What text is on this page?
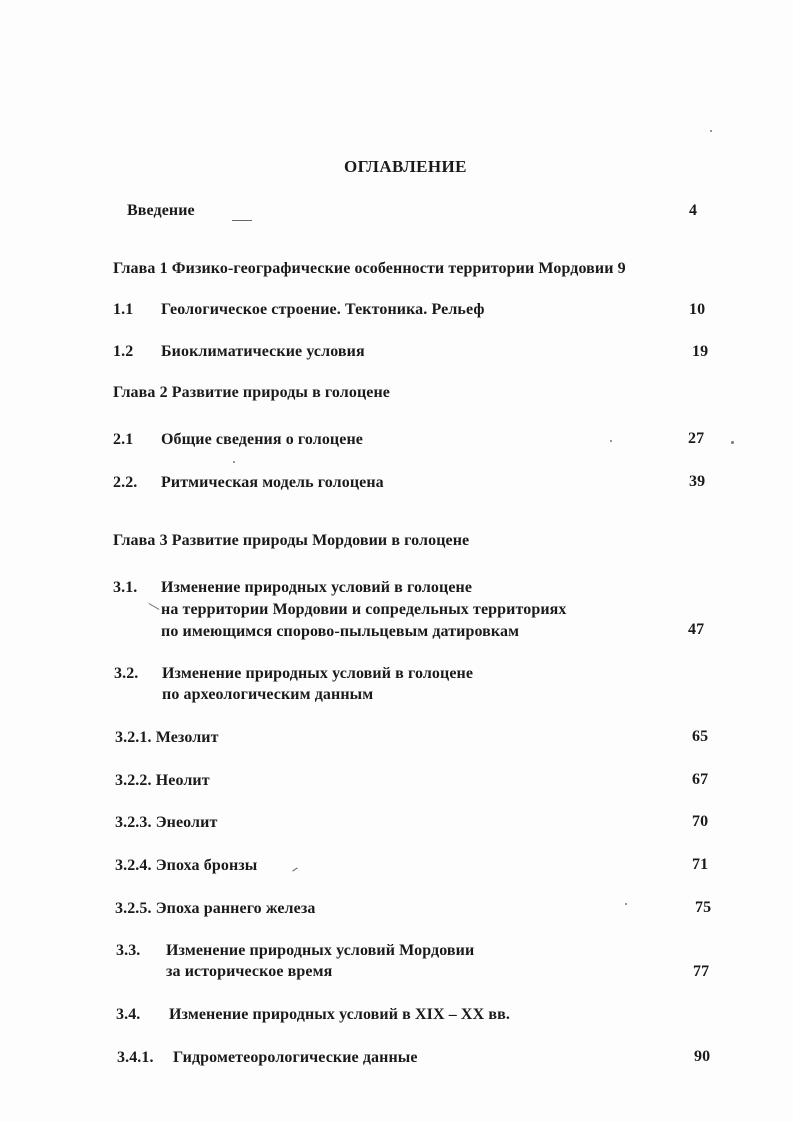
ОГЛАВЛЕНИЕ
Введение	4
Глава 1 Физико-географические особенности территории Мордовии 9
1.1 Геологическое строение. Тектоника. Рельеф	10
1.2 Биоклиматические условия	19
Глава 2 Развитие природы в голоцене
2.1 Общие сведения о голоцене	27
2.2. Ритмическая модель голоцена	39
Глава 3 Развитие природы Мордовии в голоцене
3.1. Изменение природных условий в голоцене
на территории Мордовии и сопредельных территориях
по имеющимся спорово-пыльцевым датировкам	47
3.2. Изменение природных условий в голоцене
по археологическим данным
3.2.1. Мезолит	65
3.2.2. Неолит	67
3.2.3. Энеолит	70
3.2.4. Эпоха бронзы	71
3.2.5. Эпоха раннего железа	75
3.3. Изменение природных условий Мордовии
за историческое время	77
3.4. Изменение природных условий в XIX – XX вв.
3.4.1. Гидрометеорологические данные	90
